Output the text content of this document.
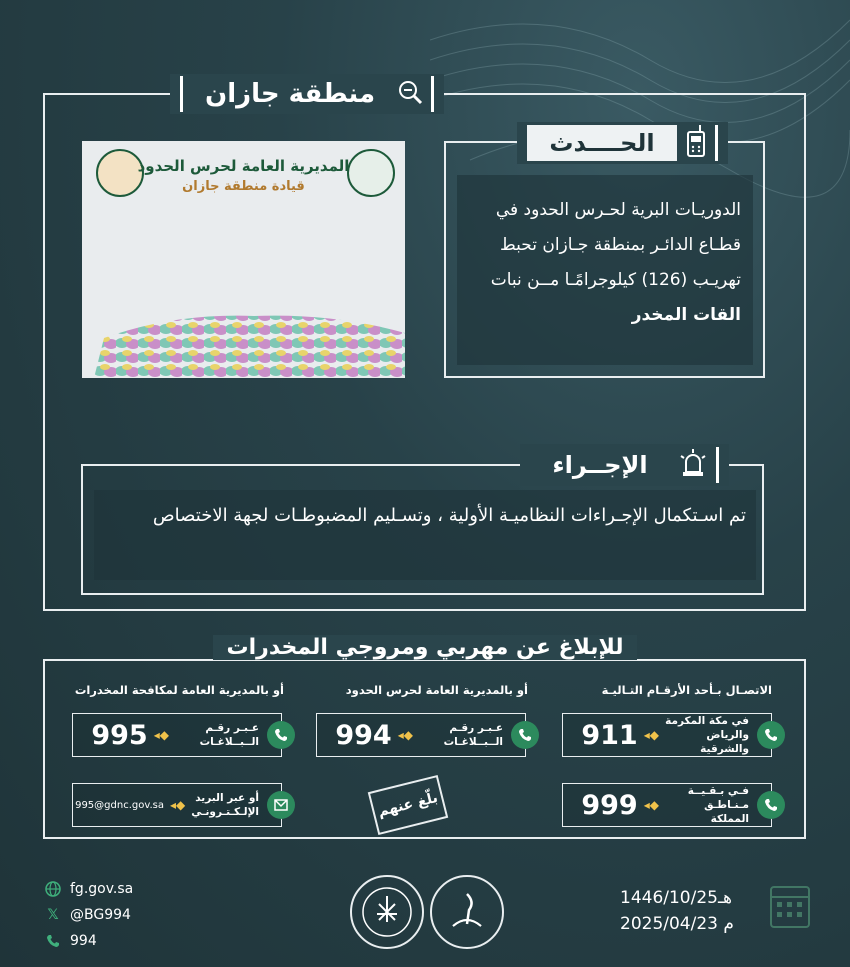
منطقة جازان
المديرية العامة لحرس الحدود
قيادة منطقة جازان
الحــــدث
الدوريـات البرية لحـرس الحدود في قطـاع الدائـر بمنطقة جـازان تحبط تهريـب (126) كيلوجرامًـا مــن نبات القات المخدر
الإجــراء
تم اسـتكمال الإجـراءات النظاميـة الأولية ، وتسـليم المضبوطـات لجهة الاختصاص
للإبلاغ عن مهربي ومروجي المخدرات
الاتصـال بـأحد الأرقـام التـاليـة
أو بالمديرية العامة لحرس الحدود
أو بالمديرية العامة لمكافحة المخدرات
في مكة المكرمة والرياض والشرقية
◆◂
911
فـي بـقـيــة مـنـاطـق المملكة
◆◂
999
عـبـر رقـم الــبــلاغـات
◆◂
994
عـبـر رقـم الــبــلاغـات
◆◂
995
أو عبر البريد الإلـكـتـرونـي
◆◂
995@gdnc.gov.sa	بلّغ عنهم
fg.gov.sa
𝕏 @BG994
994
1446/10/25هـ
2025/04/23 م
